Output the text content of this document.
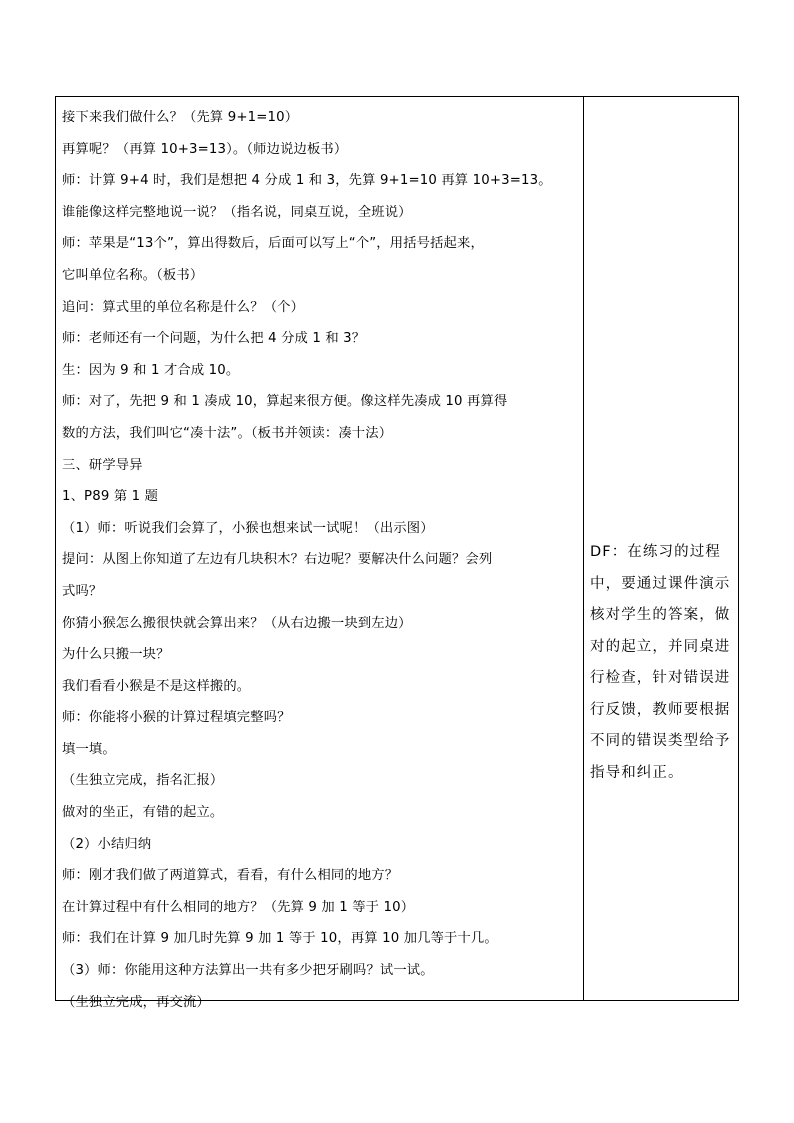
接下来我们做什么？（先算 9+1=10）
再算呢？（再算 10+3=13）。（师边说边板书）
师：计算 9+4 时，我们是想把 4 分成 1 和 3，先算 9+1=10 再算 10+3=13。
谁能像这样完整地说一说？（指名说，同桌互说，全班说）
师：苹果是“13个”，算出得数后，后面可以写上“个”，用括号括起来，
它叫单位名称。（板书）
追问：算式里的单位名称是什么？（个）
师：老师还有一个问题，为什么把 4 分成 1 和 3？
生：因为 9 和 1 才合成 10。
师：对了，先把 9 和 1 凑成 10，算起来很方便。像这样先凑成 10 再算得
数的方法，我们叫它“凑十法”。（板书并领读：凑十法）
三、研学导异
1、P89 第 1 题
（1）师：听说我们会算了，小猴也想来试一试呢！（出示图）
提问：从图上你知道了左边有几块积木？右边呢？要解决什么问题？会列
式吗？
你猜小猴怎么搬很快就会算出来？（从右边搬一块到左边）
为什么只搬一块？
我们看看小猴是不是这样搬的。
师：你能将小猴的计算过程填完整吗？
填一填。
（生独立完成，指名汇报）
做对的坐正，有错的起立。
（2）小结归纳
师：刚才我们做了两道算式，看看，有什么相同的地方？
在计算过程中有什么相同的地方？（先算 9 加 1 等于 10）
师：我们在计算 9 加几时先算 9 加 1 等于 10，再算 10 加几等于十几。
（3）师：你能用这种方法算出一共有多少把牙刷吗？试一试。
（生独立完成，再交流）
DF：在练习的过程中，要通过课件演示核对学生的答案，做对的起立，并同桌进行检查，针对错误进行反馈，教师要根据不同的错误类型给予指导和纠正。
